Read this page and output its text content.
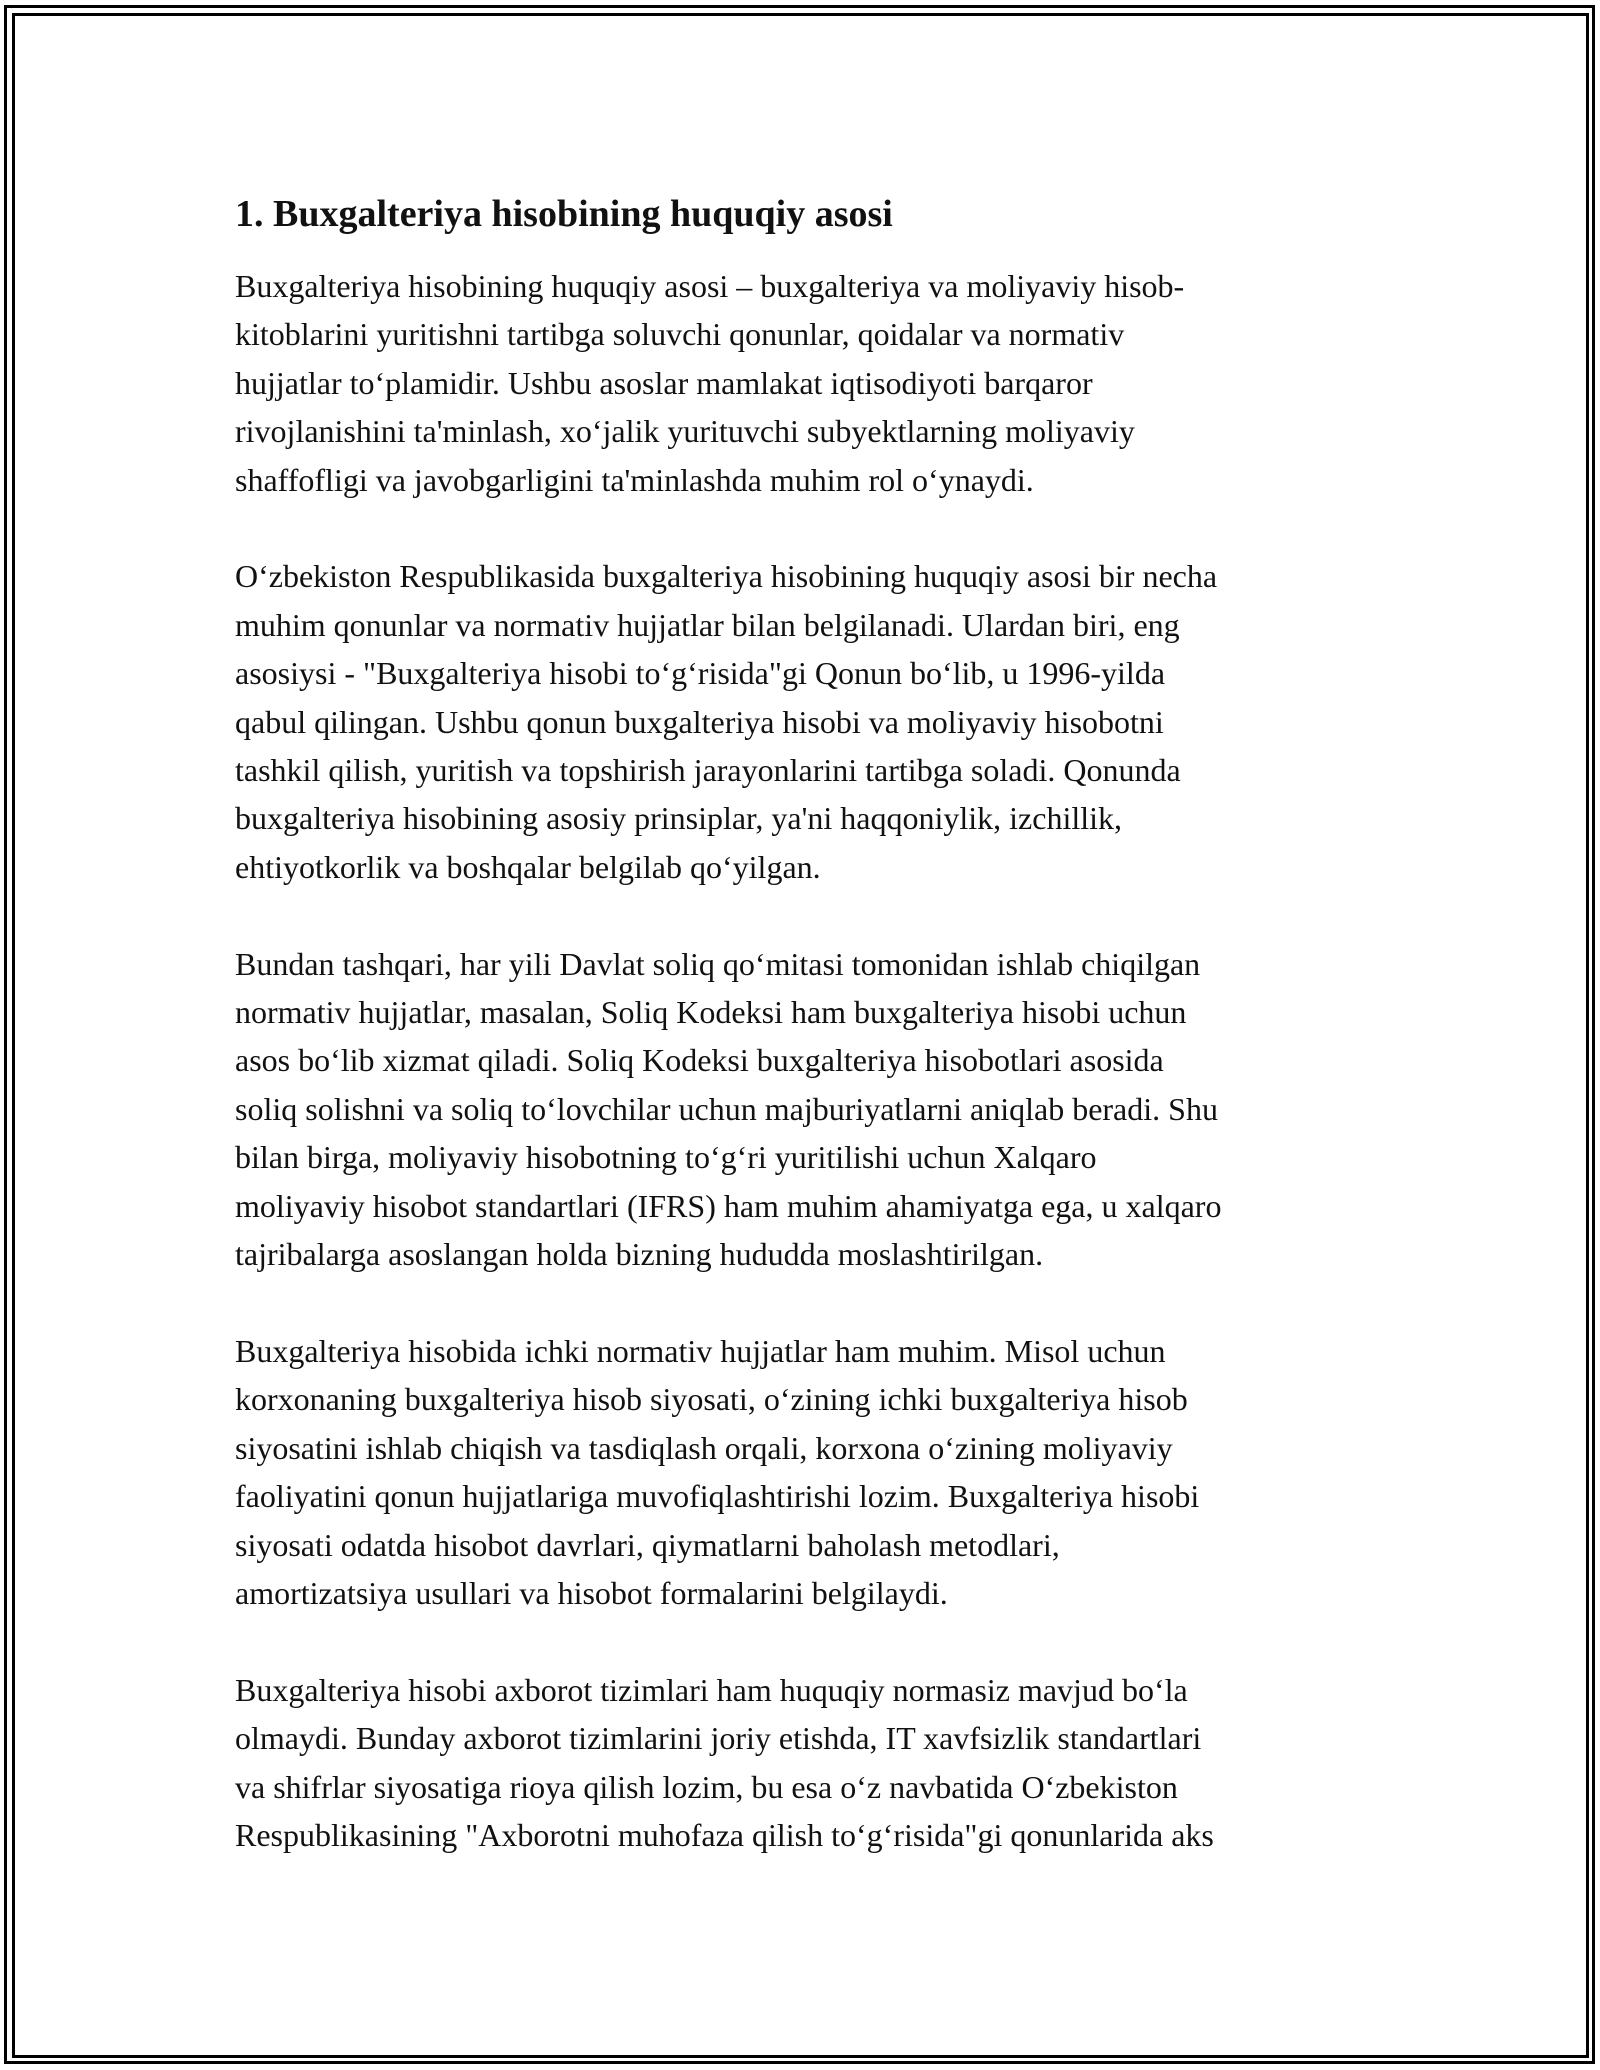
1. Buxgalteriya hisobining huquqiy asosi

Buxgalteriya hisobining huquqiy asosi – buxgalteriya va moliyaviy hisob-
kitoblarini yuritishni tartibga soluvchi qonunlar, qoidalar va normativ
hujjatlar to‘plamidir. Ushbu asoslar mamlakat iqtisodiyoti barqaror
rivojlanishini ta'minlash, xo‘jalik yurituvchi subyektlarning moliyaviy
shaffofligi va javobgarligini ta'minlashda muhim rol o‘ynaydi.

O‘zbekiston Respublikasida buxgalteriya hisobining huquqiy asosi bir necha
muhim qonunlar va normativ hujjatlar bilan belgilanadi. Ulardan biri, eng
asosiysi - "Buxgalteriya hisobi to‘g‘risida"gi Qonun bo‘lib, u 1996-yilda
qabul qilingan. Ushbu qonun buxgalteriya hisobi va moliyaviy hisobotni
tashkil qilish, yuritish va topshirish jarayonlarini tartibga soladi. Qonunda
buxgalteriya hisobining asosiy prinsiplar, ya'ni haqqoniylik, izchillik,
ehtiyotkorlik va boshqalar belgilab qo‘yilgan.

Bundan tashqari, har yili Davlat soliq qo‘mitasi tomonidan ishlab chiqilgan
normativ hujjatlar, masalan, Soliq Kodeksi ham buxgalteriya hisobi uchun
asos bo‘lib xizmat qiladi. Soliq Kodeksi buxgalteriya hisobotlari asosida
soliq solishni va soliq to‘lovchilar uchun majburiyatlarni aniqlab beradi. Shu
bilan birga, moliyaviy hisobotning to‘g‘ri yuritilishi uchun Xalqaro
moliyaviy hisobot standartlari (IFRS) ham muhim ahamiyatga ega, u xalqaro
tajribalarga asoslangan holda bizning hududda moslashtirilgan.

Buxgalteriya hisobida ichki normativ hujjatlar ham muhim. Misol uchun
korxonaning buxgalteriya hisob siyosati, o‘zining ichki buxgalteriya hisob
siyosatini ishlab chiqish va tasdiqlash orqali, korxona o‘zining moliyaviy
faoliyatini qonun hujjatlariga muvofiqlashtirishi lozim. Buxgalteriya hisobi
siyosati odatda hisobot davrlari, qiymatlarni baholash metodlari,
amortizatsiya usullari va hisobot formalarini belgilaydi.

Buxgalteriya hisobi axborot tizimlari ham huquqiy normasiz mavjud bo‘la
olmaydi. Bunday axborot tizimlarini joriy etishda, IT xavfsizlik standartlari
va shifrlar siyosatiga rioya qilish lozim, bu esa o‘z navbatida O‘zbekiston
Respublikasining "Axborotni muhofaza qilish to‘g‘risida"gi qonunlarida aks
